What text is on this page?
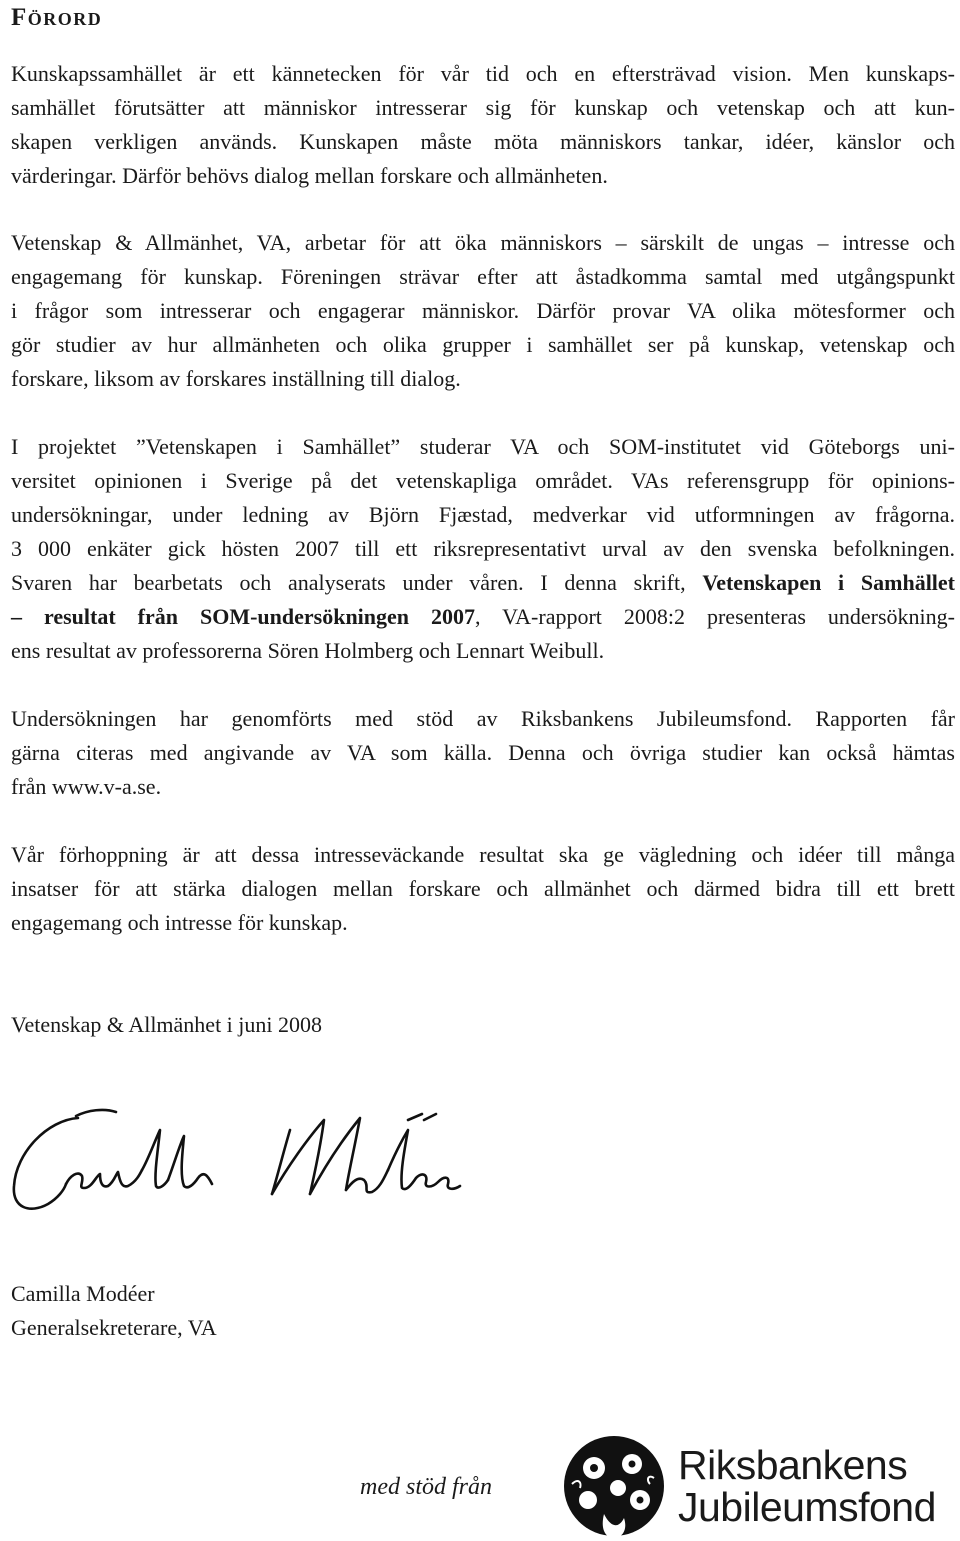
Förord

Kunskapssamhället är ett kännetecken för vår tid och en eftersträvad vision. Men kunskaps-
samhället förutsätter att människor intresserar sig för kunskap och vetenskap och att kun-
skapen verkligen används. Kunskapen måste möta människors tankar, idéer, känslor och
värderingar. Därför behövs dialog mellan forskare och allmänheten.

Vetenskap & Allmänhet, VA, arbetar för att öka människors – särskilt de ungas – intresse och
engagemang för kunskap. Föreningen strävar efter att åstadkomma samtal med utgångspunkt
i frågor som intresserar och engagerar människor. Därför provar VA olika mötesformer och
gör studier av hur allmänheten och olika grupper i samhället ser på kunskap, vetenskap och
forskare, liksom av forskares inställning till dialog.

I projektet ”Vetenskapen i Samhället” studerar VA och SOM-institutet vid Göteborgs uni-
versitet opinionen i Sverige på det vetenskapliga området. VAs referensgrupp för opinions-
undersökningar, under ledning av Björn Fjæstad, medverkar vid utformningen av frågorna.
3 000 enkäter gick hösten 2007 till ett riksrepresentativt urval av den svenska befolkningen.
Svaren har bearbetats och analyserats under våren. I denna skrift, Vetenskapen i Samhället
– resultat från SOM-undersökningen 2007, VA-rapport 2008:2 presenteras undersökning-
ens resultat av professorerna Sören Holmberg och Lennart Weibull.

Undersökningen har genomförts med stöd av Riksbankens Jubileumsfond. Rapporten får
gärna citeras med angivande av VA som källa. Denna och övriga studier kan också hämtas
från www.v-a.se.

Vår förhoppning är att dessa intresseväckande resultat ska ge vägledning och idéer till många
insatser för att stärka dialogen mellan forskare och allmänhet och därmed bidra till ett brett
engagemang och intresse för kunskap.

Vetenskap & Allmänhet i juni 2008
Camilla Modéer
Camilla Modéer
Generalsekreterare, VA
med stöd från	Riksbankens
Jubileumsfond
